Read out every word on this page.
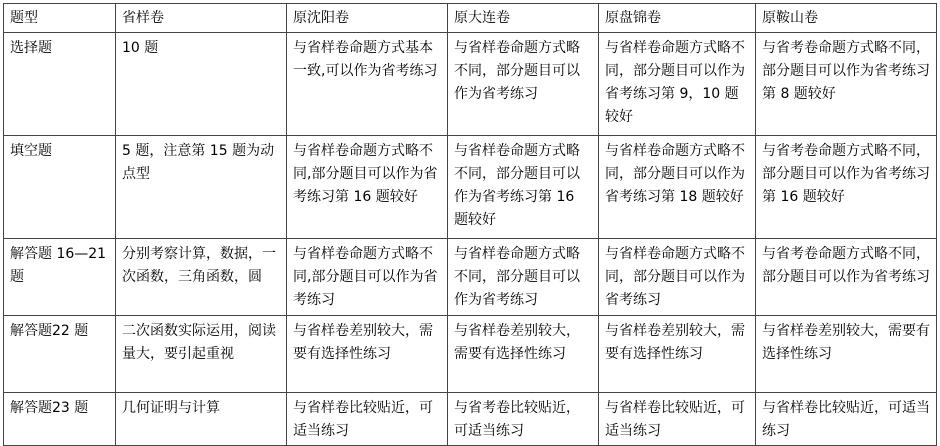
题型	省样卷	原沈阳卷	原大连卷	原盘锦卷	原鞍山卷
选择题	10 题	与省样卷命题方式基本一致,可以作为省考练习	与省样卷命题方式略不同，部分题目可以作为省考练习	与省样卷命题方式略不同，部分题目可以作为省考练习第 9，10 题较好	与省考卷命题方式略不同，部分题目可以作为省考练习第 8 题较好
填空题	5 题，注意第 15 题为动点型	与省样卷命题方式略不同,部分题目可以作为省考练习第 16 题较好	与省样卷命题方式略不同，部分题目可以作为省考练习第 16 题较好	与省样卷命题方式略不同，部分题目可以作为省考练习第 18 题较好	与省考卷命题方式略不同，部分题目可以作为省考练习第 16 题较好
解答题 16—21 题	分别考察计算，数据，一次函数，三角函数，圆	与省样卷命题方式略不同,部分题目可以作为省考练习	与省样卷命题方式略不同，部分题目可以作为省考练习	与省样卷命题方式略不同，部分题目可以作为省考练习	与省考卷命题方式略不同，部分题目可以作为省考练习
解答题22 题	二次函数实际运用，阅读量大，要引起重视	与省样卷差别较大，需要有选择性练习	与省样卷差别较大，需要有选择性练习	与省样卷差别较大，需要有选择性练习	与省样卷差别较大，需要有选择性练习
解答题23 题	几何证明与计算	与省样卷比较贴近，可适当练习	与省考卷比较贴近，可适当练习	与省样卷比较贴近，可适当练习	与省样卷比较贴近，可适当练习
